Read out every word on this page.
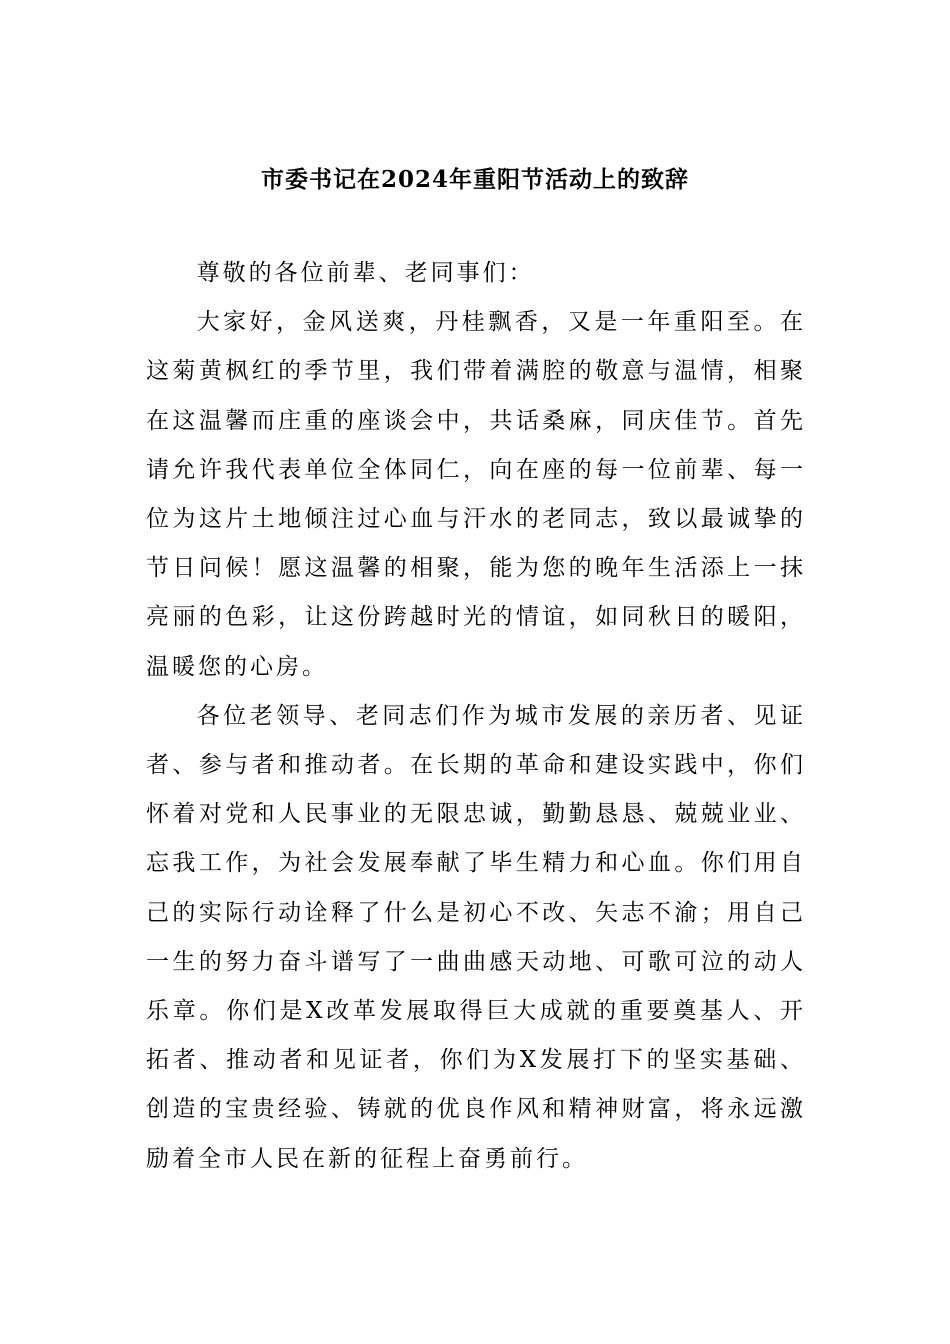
市委书记在2024年重阳节活动上的致辞

尊敬的各位前辈、老同事们：

大家好，金风送爽，丹桂飘香，又是一年重阳至。在这菊黄枫红的季节里，我们带着满腔的敬意与温情，相聚在这温馨而庄重的座谈会中，共话桑麻，同庆佳节。首先请允许我代表单位全体同仁，向在座的每一位前辈、每一位为这片土地倾注过心血与汗水的老同志，致以最诚挚的节日问候！愿这温馨的相聚，能为您的晚年生活添上一抹亮丽的色彩，让这份跨越时光的情谊，如同秋日的暖阳，温暖您的心房。

各位老领导、老同志们作为城市发展的亲历者、见证者、参与者和推动者。在长期的革命和建设实践中，你们怀着对党和人民事业的无限忠诚，勤勤恳恳、兢兢业业、忘我工作，为社会发展奉献了毕生精力和心血。你们用自己的实际行动诠释了什么是初心不改、矢志不渝；用自己一生的努力奋斗谱写了一曲曲感天动地、可歌可泣的动人乐章。你们是X改革发展取得巨大成就的重要奠基人、开拓者、推动者和见证者，你们为X发展打下的坚实基础、创造的宝贵经验、铸就的优良作风和精神财富，将永远激励着全市人民在新的征程上奋勇前行。
